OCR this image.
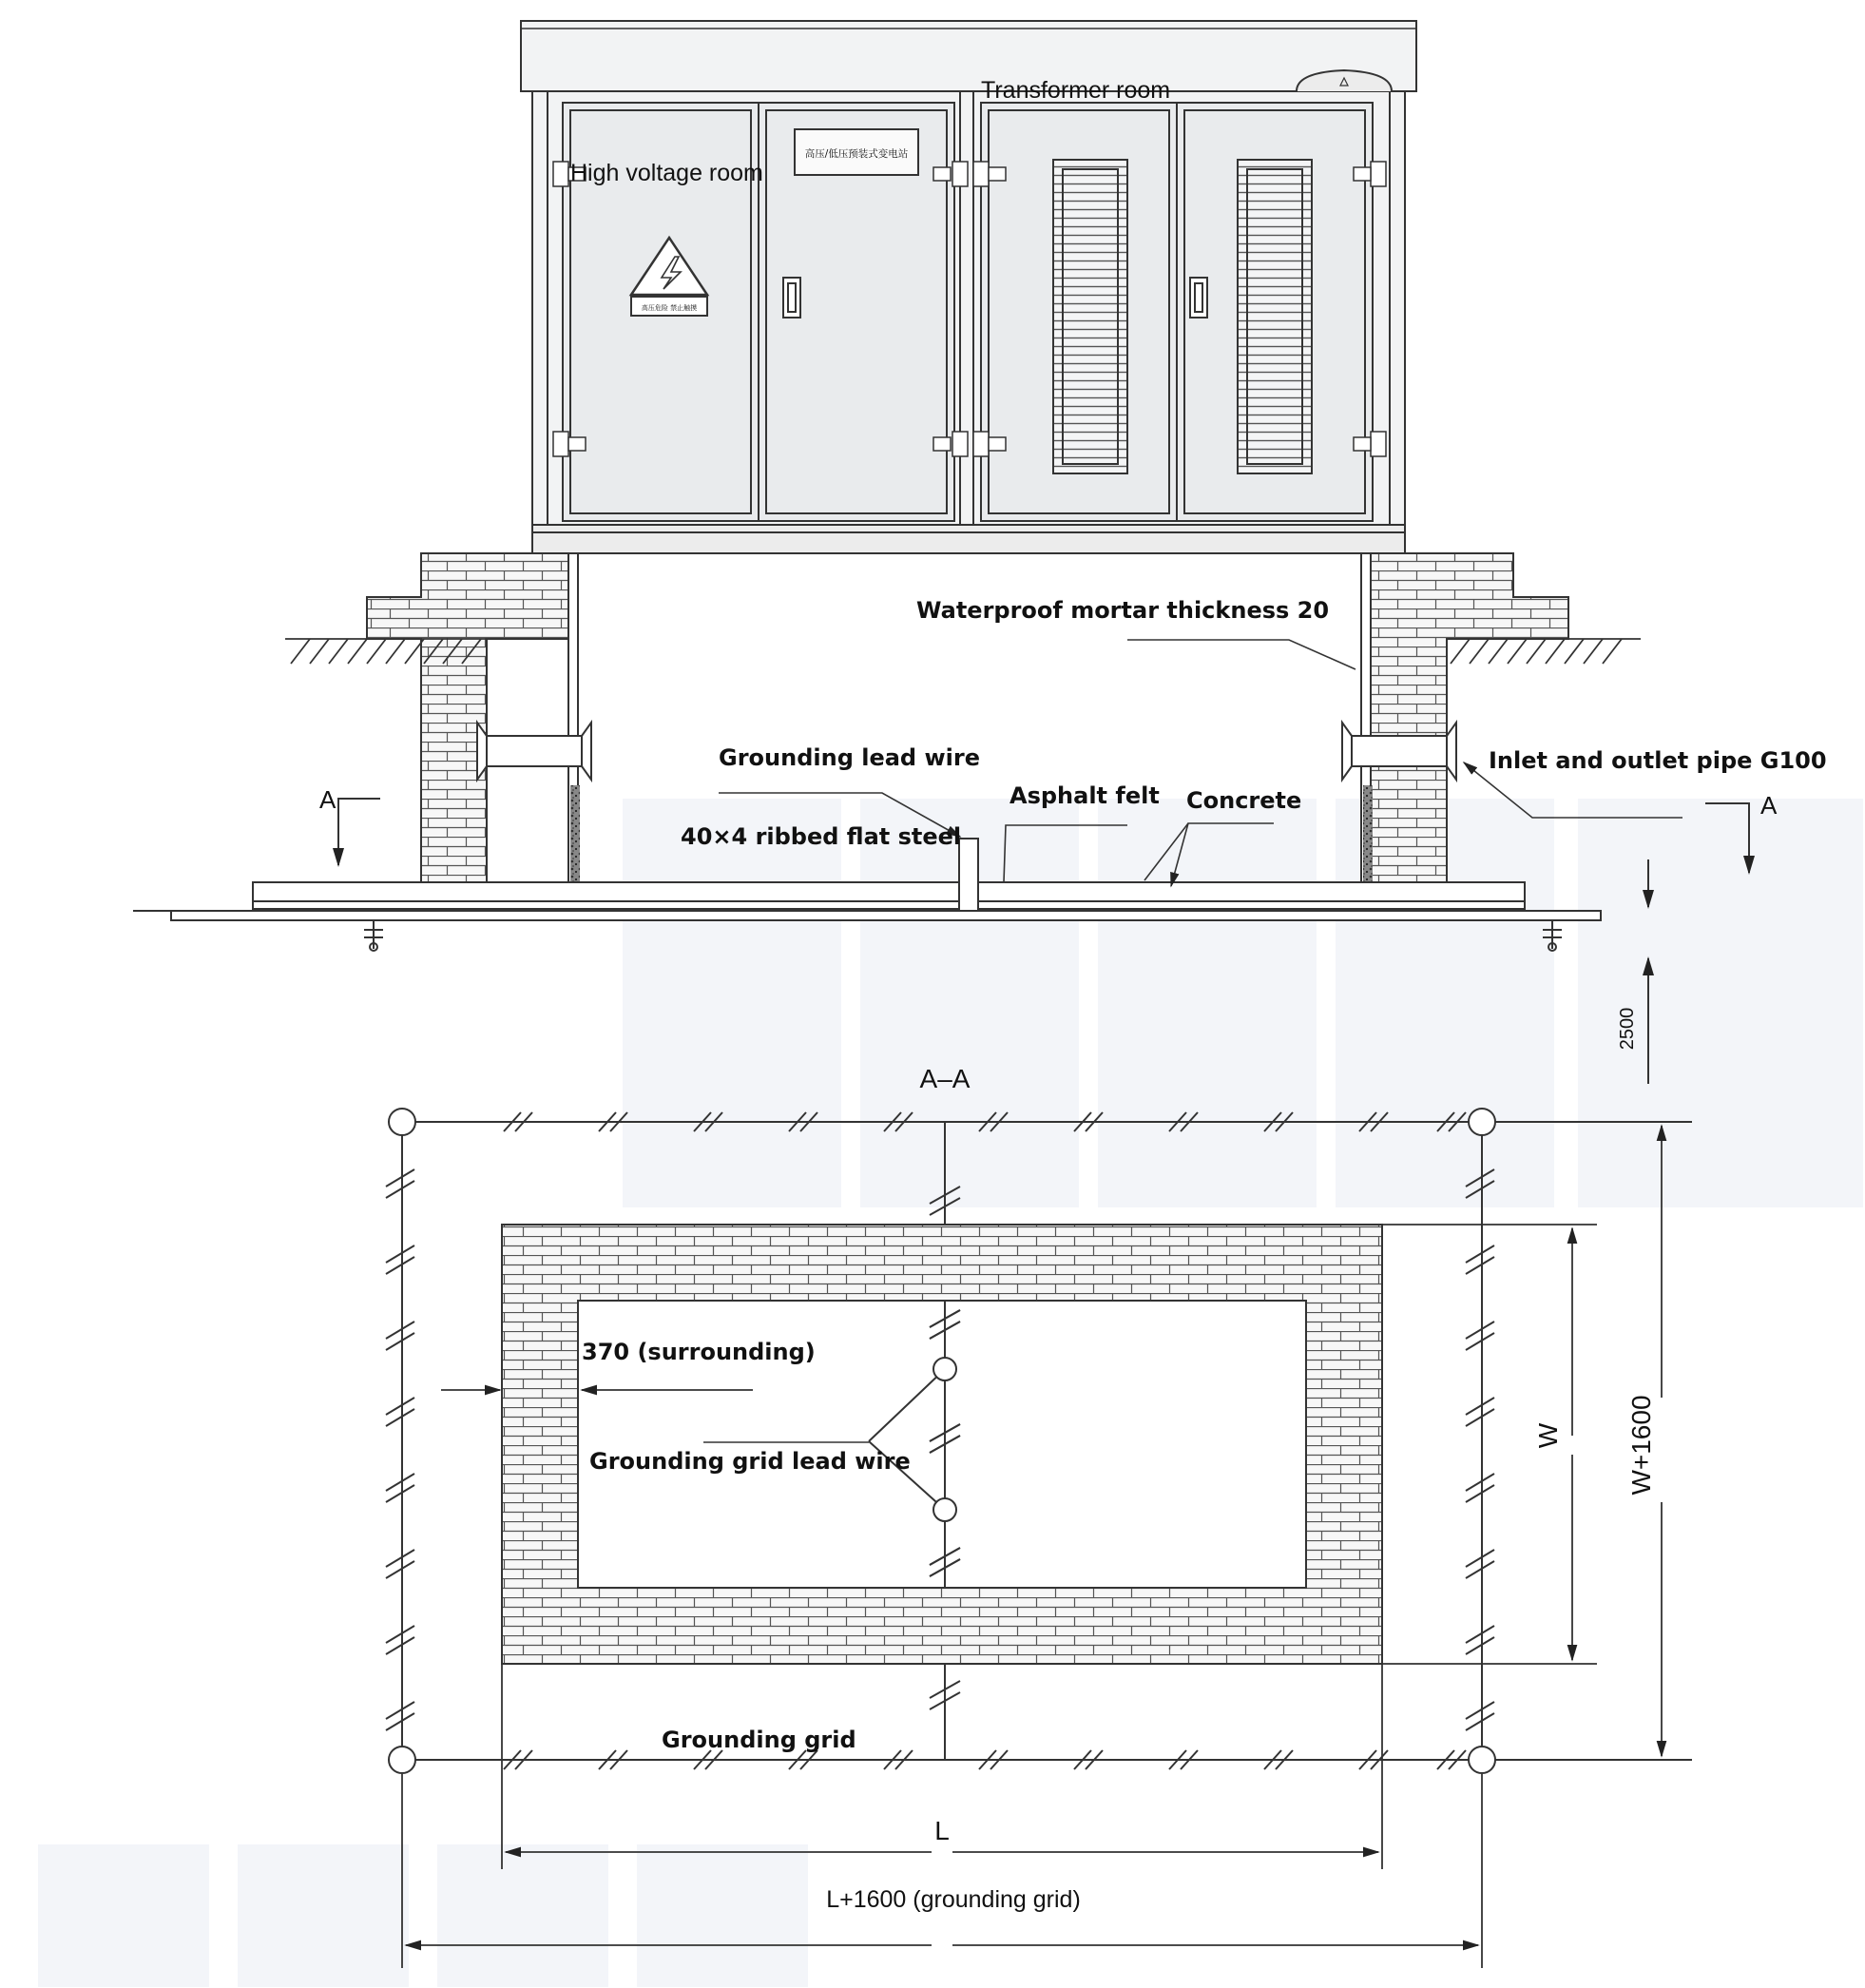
高压/低压预装式变电站
高压危险 禁止触摸
A	A
2500
High voltage room
Transformer room
Waterproof mortar thickness 20
Grounding lead wire
40×4 ribbed flat steel
Asphalt felt Concrete
Inlet and outlet pipe G100
A–A
W W+1600
L
L+1600 (grounding grid)
370 (surrounding)
Grounding grid lead wire
Grounding grid
